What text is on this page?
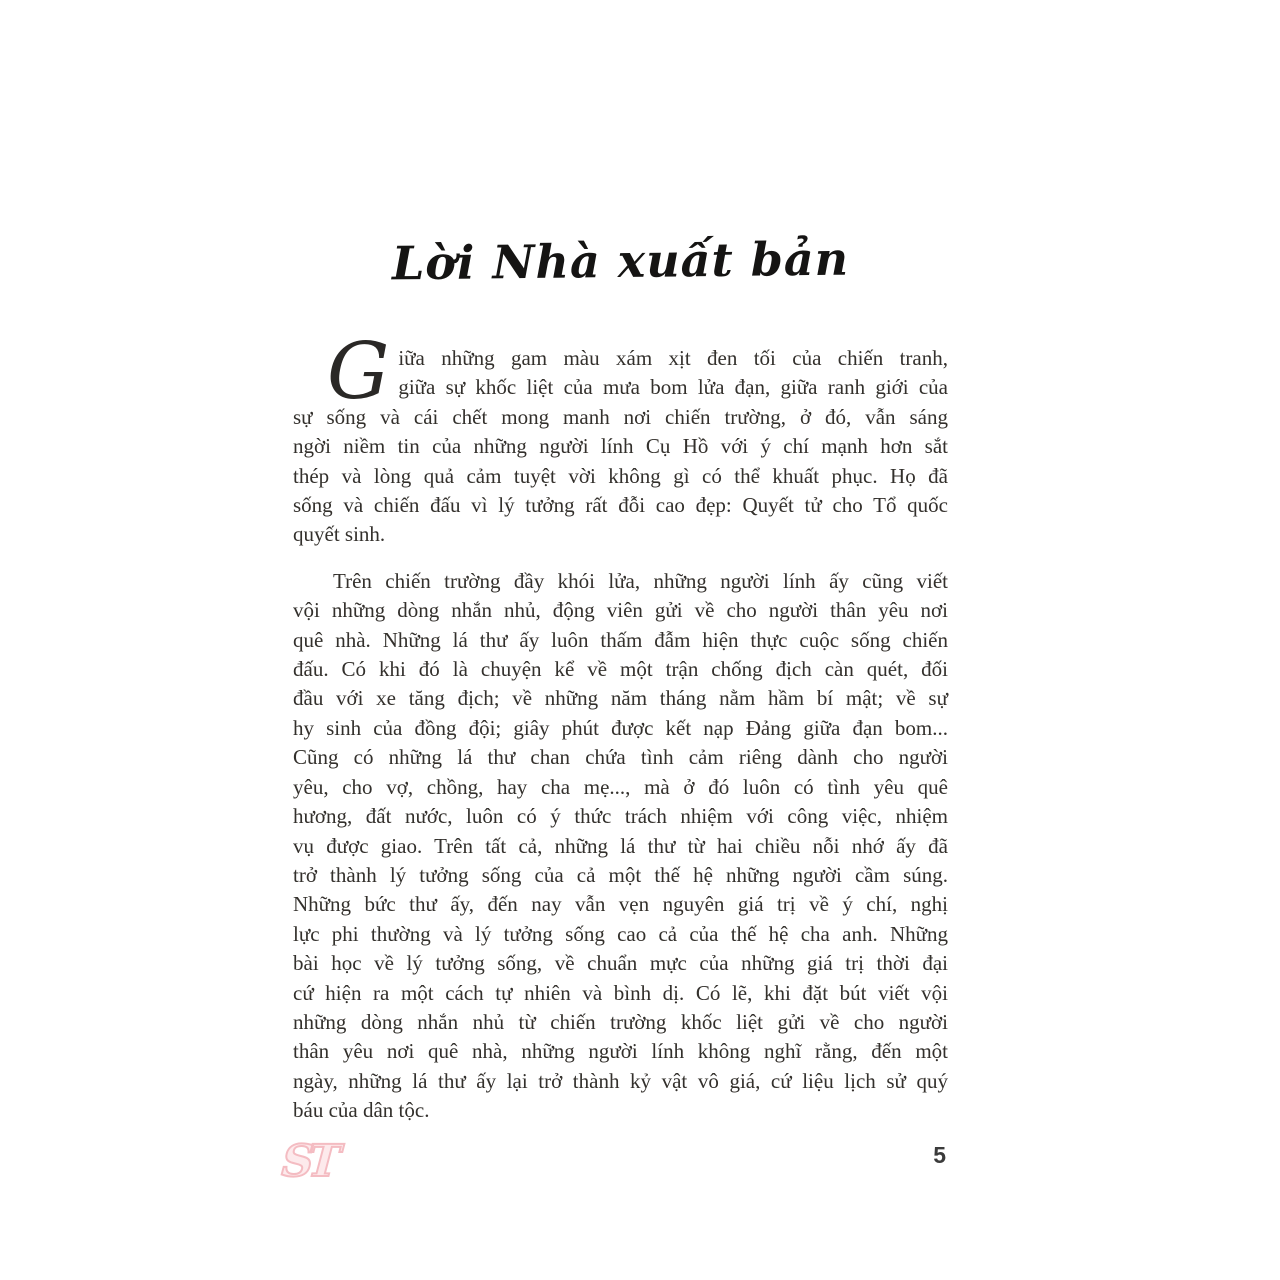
Lời Nhà xuất bản
G iữa những gam màu xám xịt đen tối của chiến tranh,
giữa sự khốc liệt của mưa bom lửa đạn, giữa ranh giới của
sự sống và cái chết mong manh nơi chiến trường, ở đó, vẫn sáng
ngời niềm tin của những người lính Cụ Hồ với ý chí mạnh hơn sắt
thép và lòng quả cảm tuyệt vời không gì có thể khuất phục. Họ đã
sống và chiến đấu vì lý tưởng rất đỗi cao đẹp: Quyết tử cho Tổ quốc
quyết sinh.
Trên chiến trường đầy khói lửa, những người lính ấy cũng viết
vội những dòng nhắn nhủ, động viên gửi về cho người thân yêu nơi
quê nhà. Những lá thư ấy luôn thấm đẫm hiện thực cuộc sống chiến
đấu. Có khi đó là chuyện kể về một trận chống địch càn quét, đối
đầu với xe tăng địch; về những năm tháng nằm hầm bí mật; về sự
hy sinh của đồng đội; giây phút được kết nạp Đảng giữa đạn bom...
Cũng có những lá thư chan chứa tình cảm riêng dành cho người
yêu, cho vợ, chồng, hay cha mẹ..., mà ở đó luôn có tình yêu quê
hương, đất nước, luôn có ý thức trách nhiệm với công việc, nhiệm
vụ được giao. Trên tất cả, những lá thư từ hai chiều nỗi nhớ ấy đã
trở thành lý tưởng sống của cả một thế hệ những người cầm súng.
Những bức thư ấy, đến nay vẫn vẹn nguyên giá trị về ý chí, nghị
lực phi thường và lý tưởng sống cao cả của thế hệ cha anh. Những
bài học về lý tưởng sống, về chuẩn mực của những giá trị thời đại
cứ hiện ra một cách tự nhiên và bình dị. Có lẽ, khi đặt bút viết vội
những dòng nhắn nhủ từ chiến trường khốc liệt gửi về cho người
thân yêu nơi quê nhà, những người lính không nghĩ rằng, đến một
ngày, những lá thư ấy lại trở thành kỷ vật vô giá, cứ liệu lịch sử quý
báu của dân tộc.
ST	5
